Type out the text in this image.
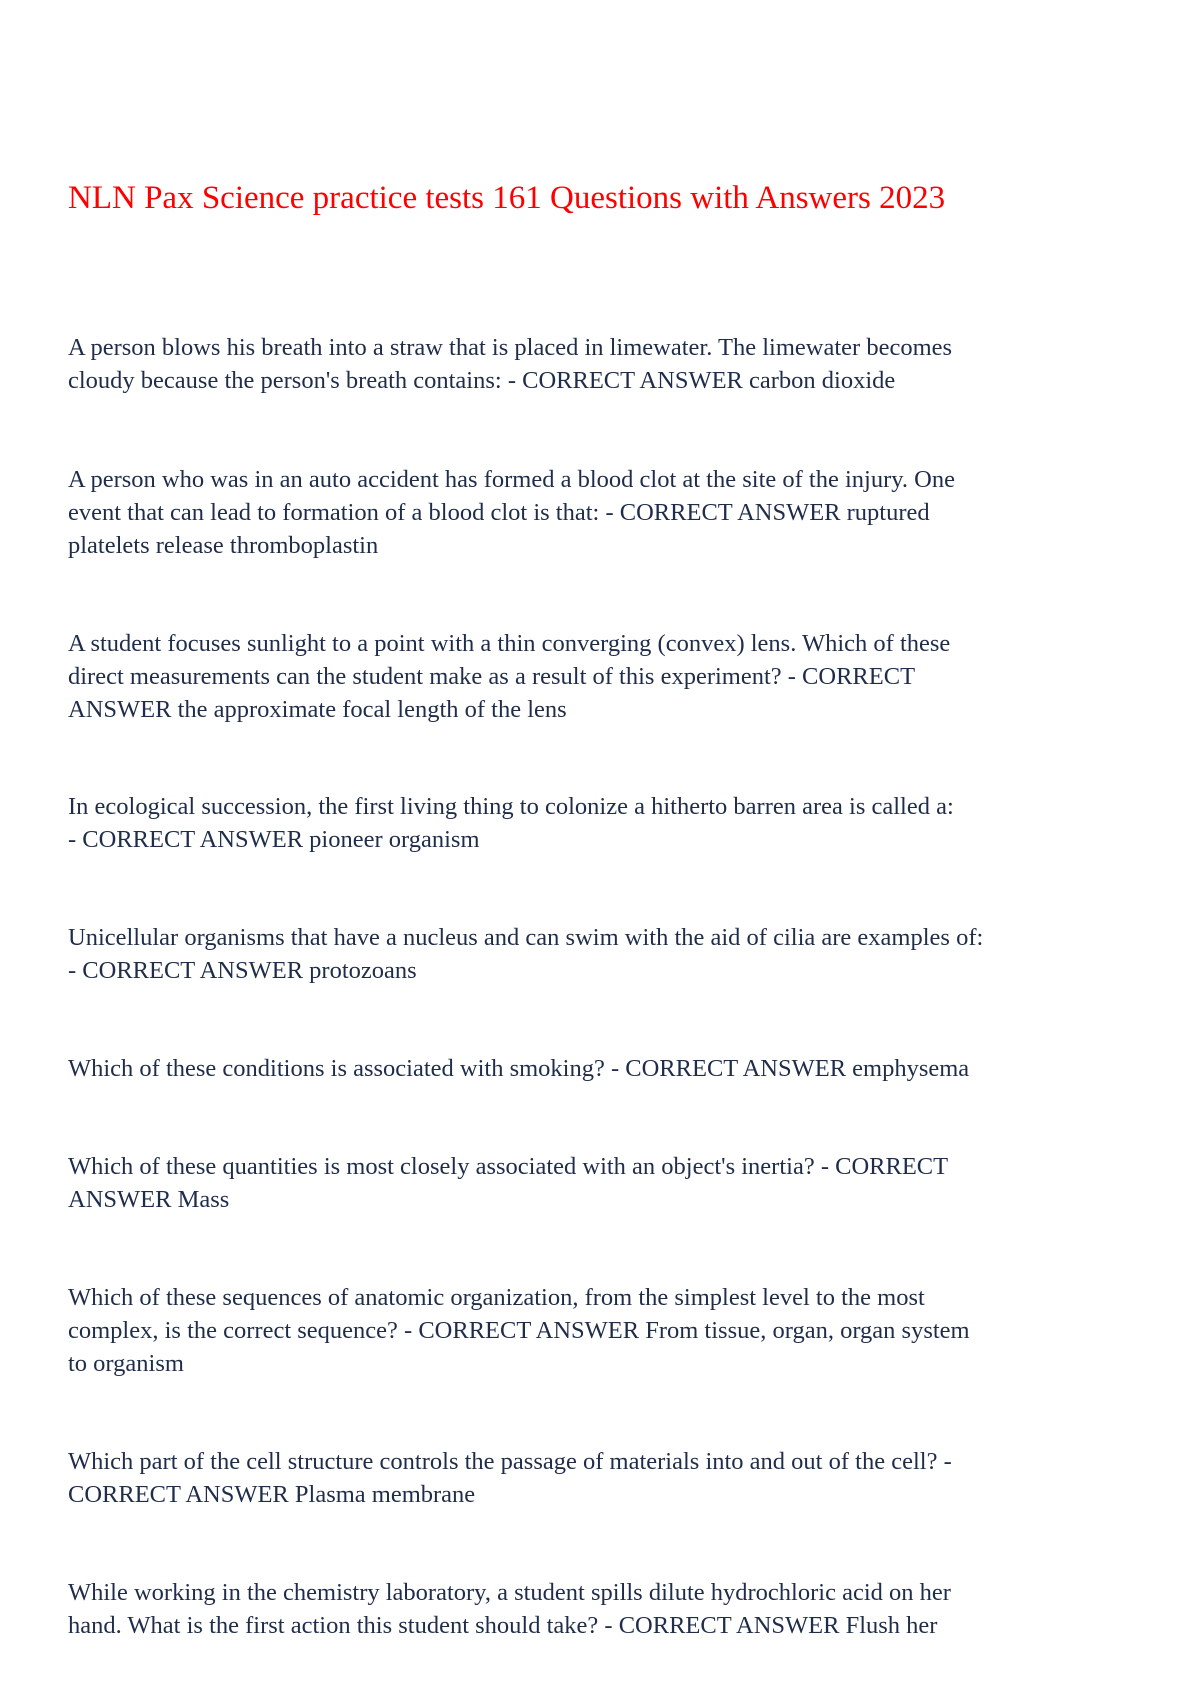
NLN Pax Science practice tests 161 Questions with Answers 2023

A person blows his breath into a straw that is placed in limewater. The limewater becomes
cloudy because the person's breath contains: - CORRECT ANSWER carbon dioxide

A person who was in an auto accident has formed a blood clot at the site of the injury. One
event that can lead to formation of a blood clot is that: - CORRECT ANSWER ruptured
platelets release thromboplastin

A student focuses sunlight to a point with a thin converging (convex) lens. Which of these
direct measurements can the student make as a result of this experiment? - CORRECT
ANSWER the approximate focal length of the lens

In ecological succession, the first living thing to colonize a hitherto barren area is called a:
- CORRECT ANSWER pioneer organism

Unicellular organisms that have a nucleus and can swim with the aid of cilia are examples of:
- CORRECT ANSWER protozoans

Which of these conditions is associated with smoking? - CORRECT ANSWER emphysema

Which of these quantities is most closely associated with an object's inertia? - CORRECT
ANSWER Mass

Which of these sequences of anatomic organization, from the simplest level to the most
complex, is the correct sequence? - CORRECT ANSWER From tissue, organ, organ system
to organism

Which part of the cell structure controls the passage of materials into and out of the cell? -
CORRECT ANSWER Plasma membrane

While working in the chemistry laboratory, a student spills dilute hydrochloric acid on her
hand. What is the first action this student should take? - CORRECT ANSWER Flush her
